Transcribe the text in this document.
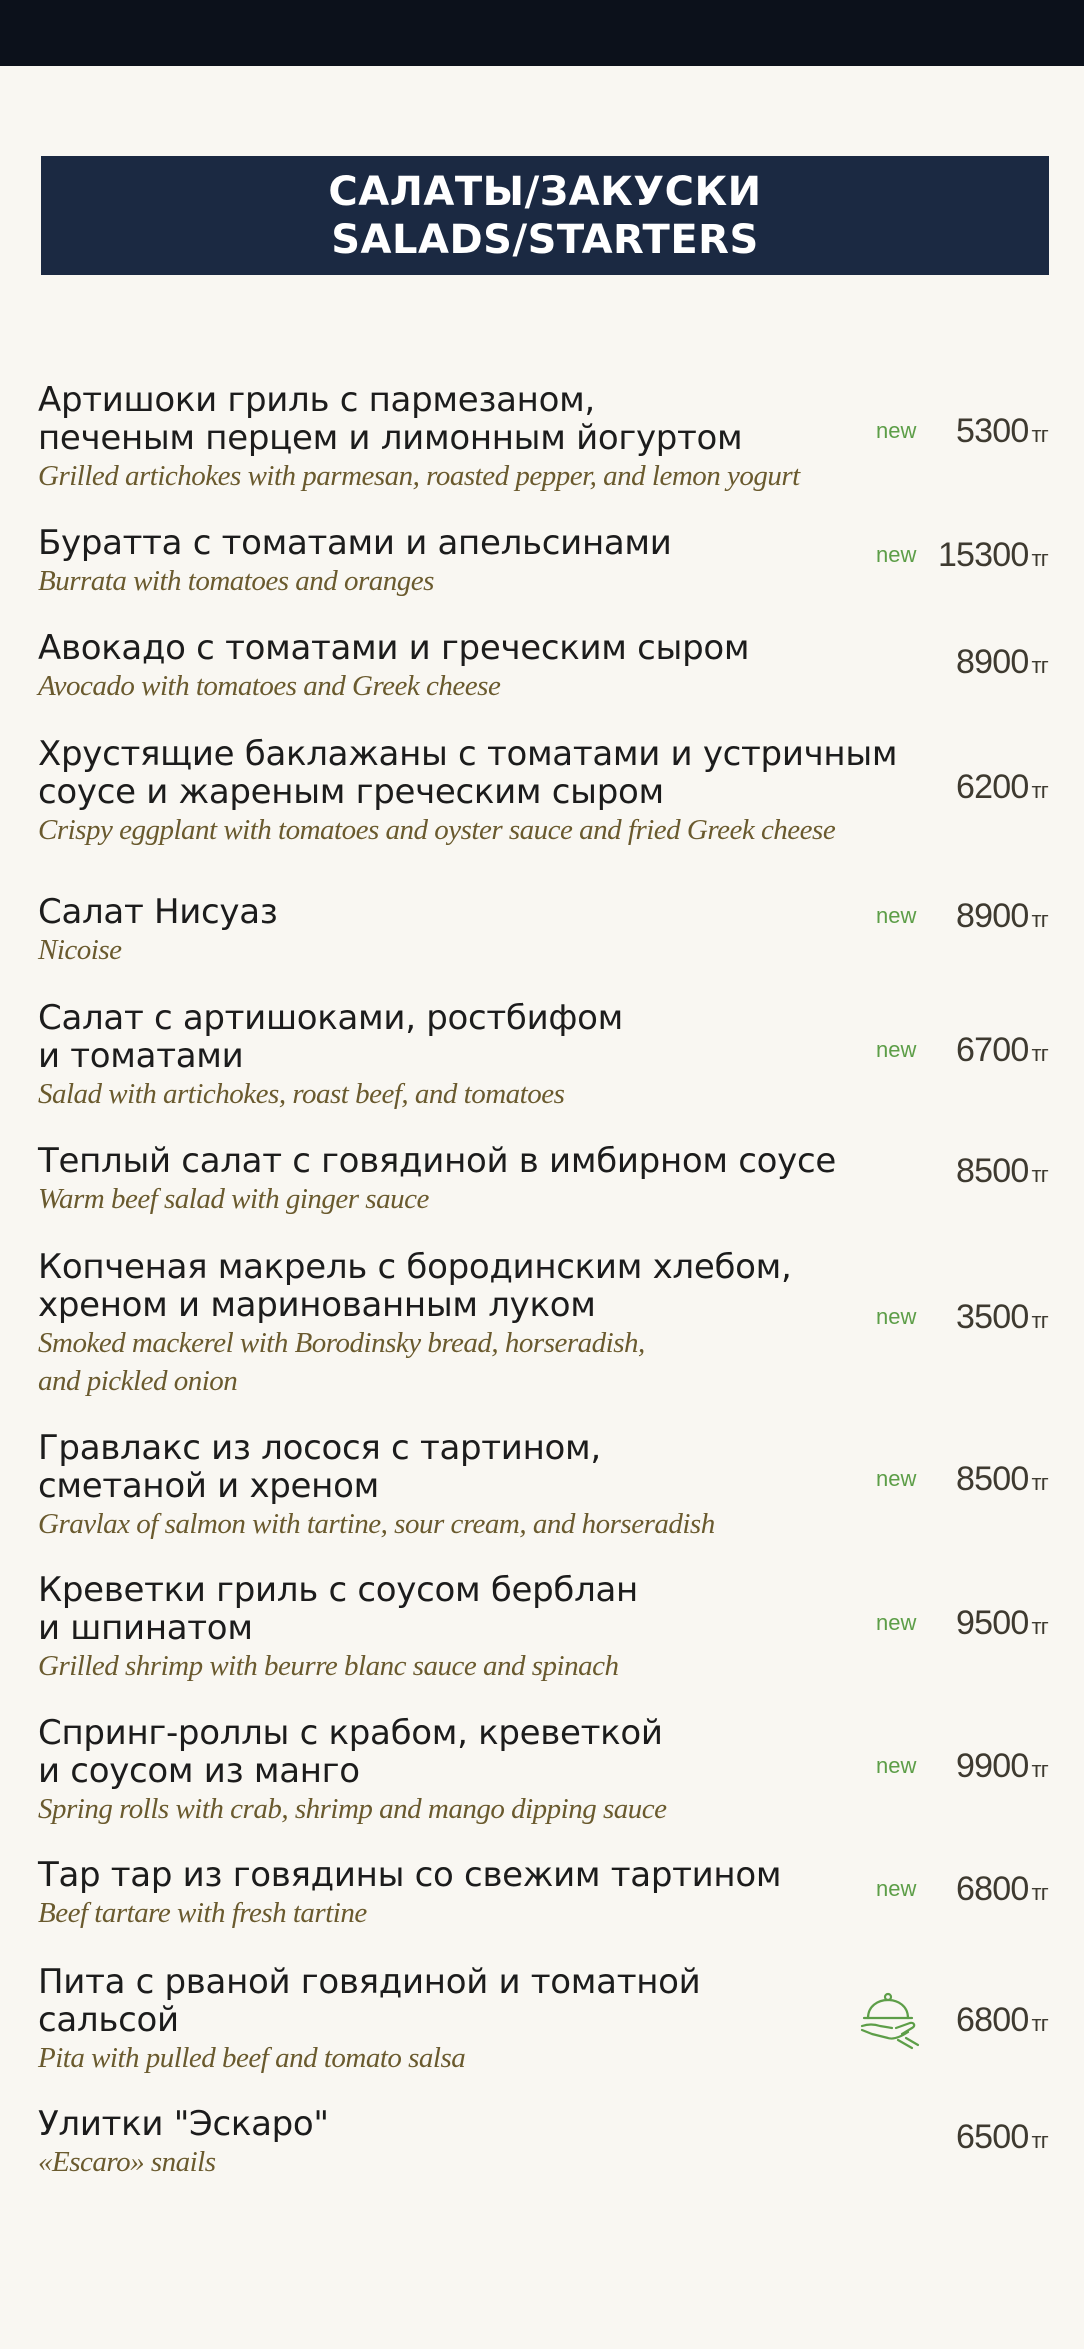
САЛАТЫ/ЗАКУСКИ
SALADS/STARTERS
Артишоки гриль с пармезаном,
печеным перцем и лимонным йогуртом
Grilled artichokes with parmesan, roasted pepper, and lemon yogurt
new 5300 тг
Буратта с томатами и апельсинами
Burrata with tomatoes and oranges
new 15300 тг
Авокадо с томатами и греческим сыром
Avocado with tomatoes and Greek cheese
8900 тг
Хрустящие баклажаны с томатами и устричным
соусе и жареным греческим сыром
Crispy eggplant with tomatoes and oyster sauce and fried Greek cheese
6200 тг
Салат Нисуаз
Nicoise
new 8900 тг
Салат с артишоками, ростбифом
и томатами
Salad with artichokes, roast beef, and tomatoes
new 6700 тг
Теплый салат с говядиной в имбирном соусе
Warm beef salad with ginger sauce
8500 тг
Копченая макрель с бородинским хлебом,
хреном и маринованным луком
Smoked mackerel with Borodinsky bread, horseradish,
and pickled onion
new 3500 тг
Гравлакс из лосося с тартином,
сметаной и хреном
Gravlax of salmon with tartine, sour cream, and horseradish
new 8500 тг
Креветки гриль с соусом берблан
и шпинатом
Grilled shrimp with beurre blanc sauce and spinach
new 9500 тг
Спринг-роллы с крабом, креветкой
и соусом из манго
Spring rolls with crab, shrimp and mango dipping sauce
new 9900 тг
Тар тар из говядины со свежим тартином
Beef tartare with fresh tartine
new 6800 тг
Пита с рваной говядиной и томатной
сальсой
Pita with pulled beef and tomato salsa
6800 тг
Улитки "Эскаро"
«Escaro» snails
6500 тг
